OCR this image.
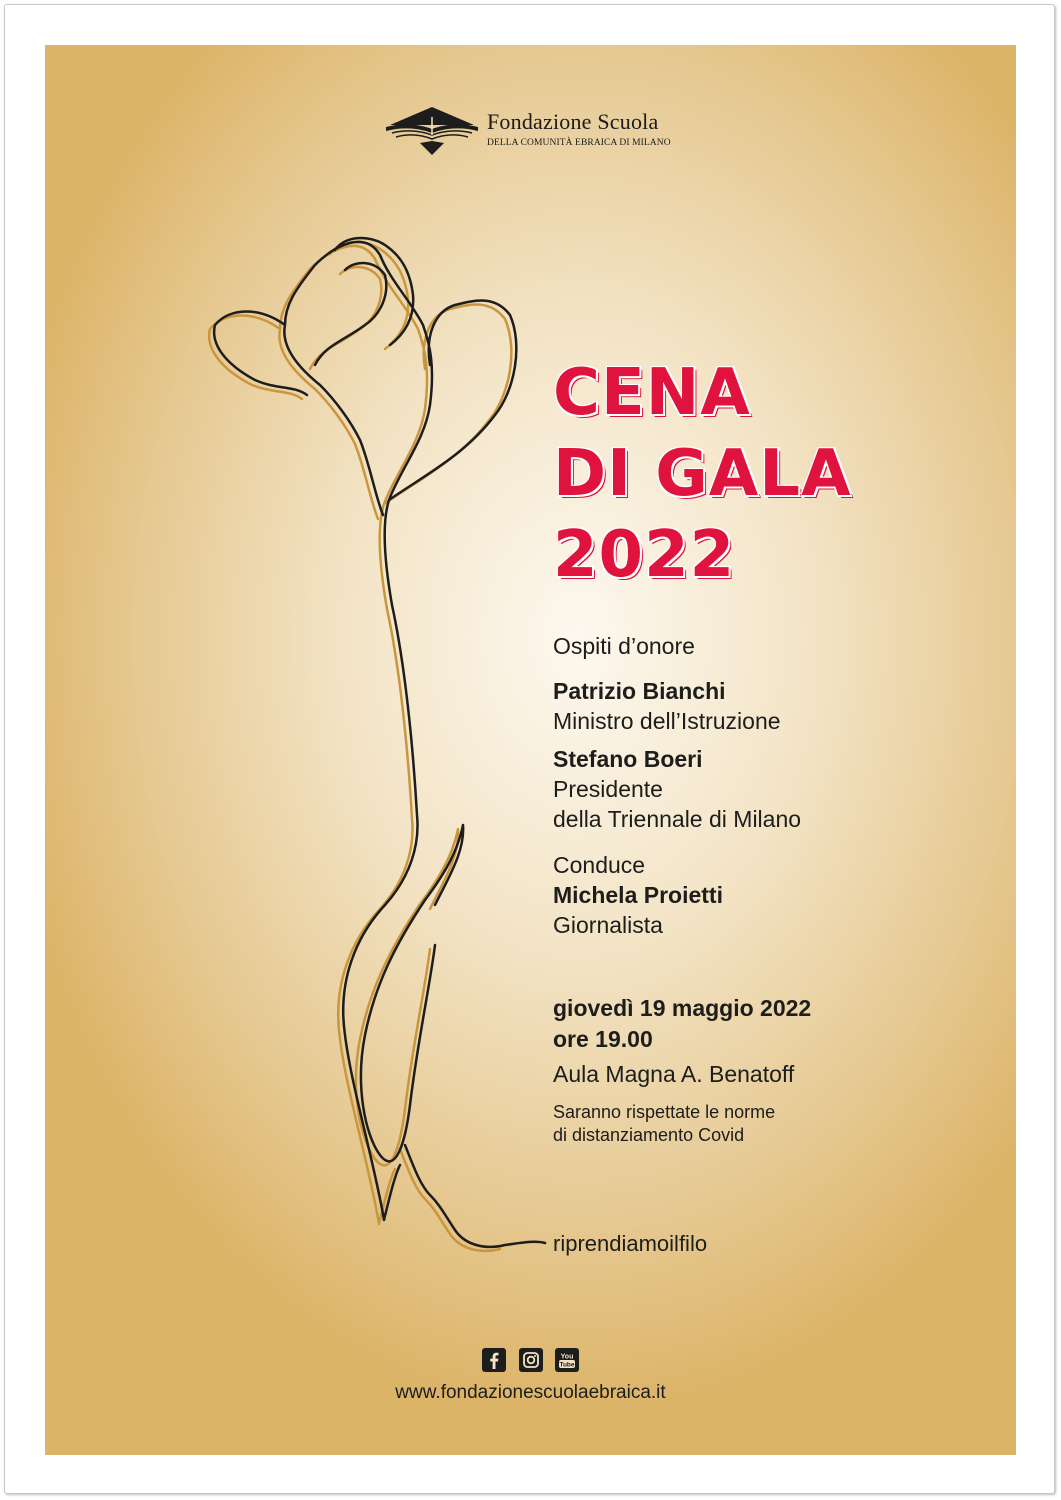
Fondazione Scuola
DELLA COMUNITÀ EBRAICA DI MILANO
CENA
DI GALA
2022
Ospiti d’onore
Patrizio Bianchi
Ministro dell’Istruzione
Stefano Boeri
Presidente
della Triennale di Milano
Conduce
Michela Proietti
Giornalista
giovedì 19 maggio 2022
ore 19.00
Aula Magna A. Benatoff
Saranno rispettate le norme
di distanziamento Covid
riprendiamoilfilo
You
Tube
www.fondazionescuolaebraica.it
